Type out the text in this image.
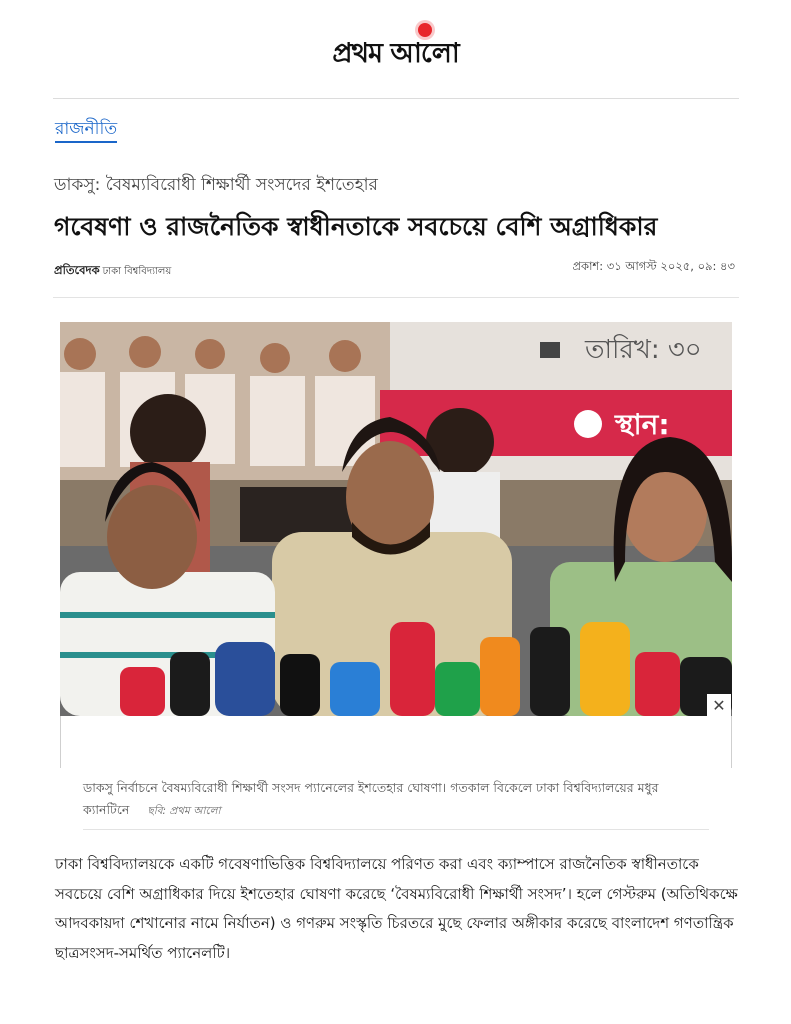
প্রথম আলো
রাজনীতি
ডাকসু: বৈষম্যবিরোধী শিক্ষার্থী সংসদের ইশতেহার
গবেষণা ও রাজনৈতিক স্বাধীনতাকে সবচেয়ে বেশি অগ্রাধিকার
প্রতিবেদক ঢাকা বিশ্ববিদ্যালয়	প্রকাশ: ৩১ আগস্ট ২০২৫, ০৯: ৪৩
তারিখ: ৩০
স্থান:
✕
ডাকসু নির্বাচনে বৈষম্যবিরোধী শিক্ষার্থী সংসদ প্যানেলের ইশতেহার ঘোষণা। গতকাল বিকেলে ঢাকা বিশ্ববিদ্যালয়ের মধুর ক্যানটিনে ছবি: প্রথম আলো

ঢাকা বিশ্ববিদ্যালয়কে একটি গবেষণাভিত্তিক বিশ্ববিদ্যালয়ে পরিণত করা এবং ক্যাম্পাসে রাজনৈতিক স্বাধীনতাকে সবচেয়ে বেশি অগ্রাধিকার দিয়ে ইশতেহার ঘোষণা করেছে ‘বৈষম্যবিরোধী শিক্ষার্থী সংসদ’। হলে গেস্টরুম (অতিথিকক্ষে আদবকায়দা শেখানোর নামে নির্যাতন) ও গণরুম সংস্কৃতি চিরতরে মুছে ফেলার অঙ্গীকার করেছে বাংলাদেশ গণতান্ত্রিক ছাত্রসংসদ-সমর্থিত প্যানেলটি।
